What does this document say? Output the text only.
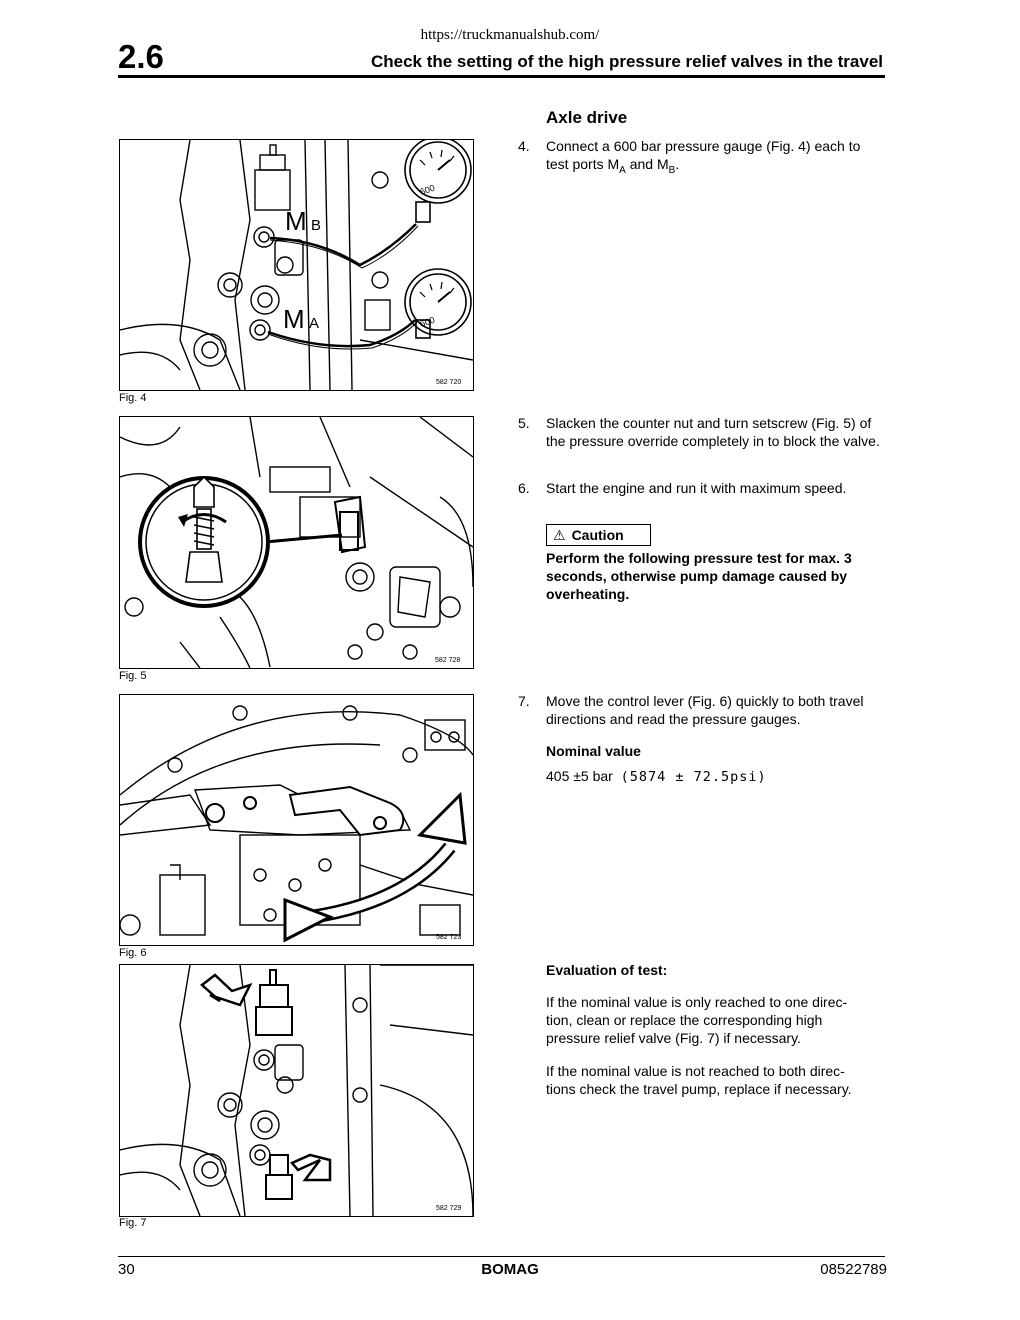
https://truckmanualshub.com/
2.6	Check the setting of the high pressure relief valves in the travel
600
600
M B
M A
582 720
Fig. 4
582 728
Fig. 5
582 723
Fig. 6
582 729
Fig. 7
Axle drive
4. Connect a 600 bar pressure gauge (Fig. 4) each to test ports $M_A$ and $M_B$.
5. Slacken the counter nut and turn setscrew (Fig. 5) of the pressure override completely in to block the valve.
6. Start the engine and run it with maximum speed.
⚠ Caution
Perform the following pressure test for max. 3 seconds, otherwise pump damage caused by overheating.
7. Move the control lever (Fig. 6) quickly to both travel directions and read the pressure gauges.
Nominal value
405 ±5 bar (5874 ± 72.5psi)
Evaluation of test:
If the nominal value is only reached to one direc-
tion, clean or replace the corresponding high
pressure relief valve (Fig. 7) if necessary.
If the nominal value is not reached to both direc-
tions check the travel pump, replace if necessary.
30	BOMAG	08522789
